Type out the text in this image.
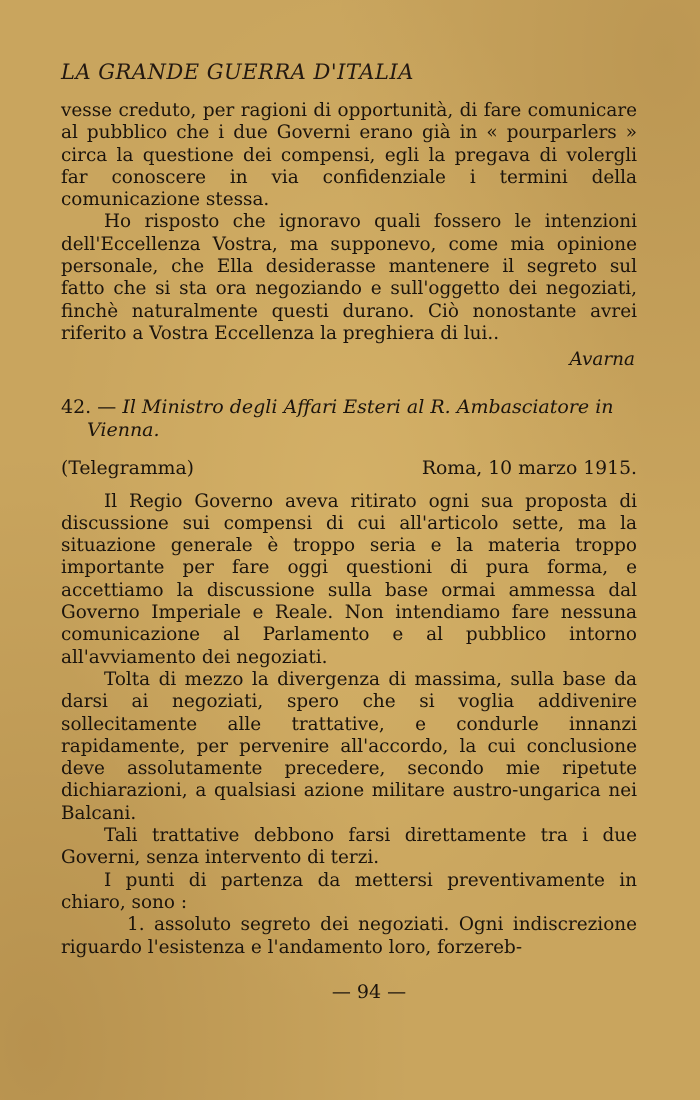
LA GRANDE GUERRA D'ITALIA

vesse creduto, per ragioni di opportunità, di fare comunicare al pubblico che i due Governi erano già in « pourparlers » circa la questione dei compensi, egli la pregava di volergli far conoscere in via confidenziale i termini della comunicazione stessa.

Ho risposto che ignoravo quali fossero le intenzioni dell'Eccellenza Vostra, ma supponevo, come mia opinione personale, che Ella desiderasse mantenere il segreto sul fatto che si sta ora negoziando e sull'oggetto dei negoziati, finchè naturalmente questi durano. Ciò nonostante avrei riferito a Vostra Eccellenza la preghiera di lui..

Avarna
42. — Il Ministro degli Affari Esteri al R. Ambasciatore in Vienna.
(Telegramma)	Roma, 10 marzo 1915.

Il Regio Governo aveva ritirato ogni sua proposta di discussione sui compensi di cui all'articolo sette, ma la situazione generale è troppo seria e la materia troppo importante per fare oggi questioni di pura forma, e accettiamo la discussione sulla base ormai ammessa dal Governo Imperiale e Reale. Non intendiamo fare nessuna comunicazione al Parlamento e al pubblico intorno all'avviamento dei negoziati.

Tolta di mezzo la divergenza di massima, sulla base da darsi ai negoziati, spero che si voglia addivenire sollecitamente alle trattative, e condurle innanzi rapidamente, per pervenire all'accordo, la cui conclusione deve assolutamente precedere, secondo mie ripetute dichiarazioni, a qualsiasi azione militare austro-ungarica nei Balcani.

Tali trattative debbono farsi direttamente tra i due Governi, senza intervento di terzi.

I punti di partenza da mettersi preventivamente in chiaro, sono :

1. assoluto segreto dei negoziati. Ogni indiscrezione riguardo l'esistenza e l'andamento loro, forzereb-

— 94 —
